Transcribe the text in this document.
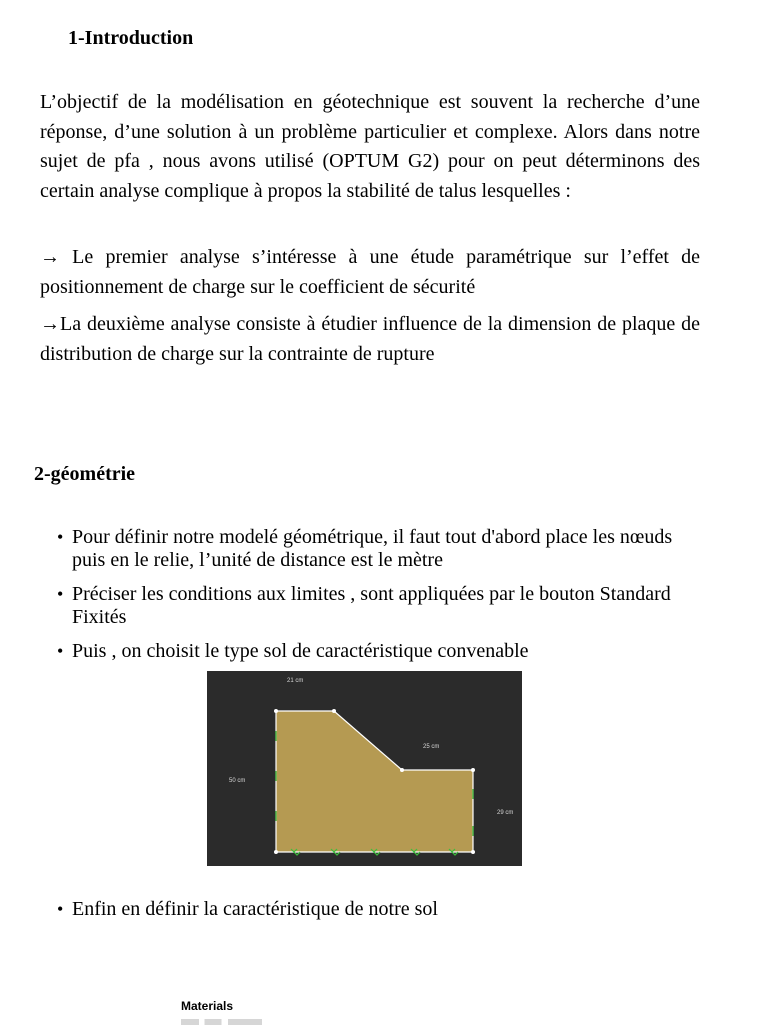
1-Introduction

L’objectif de la modélisation en géotechnique est souvent la recherche d’une réponse, d’une solution à un problème particulier et complexe. Alors dans notre sujet de pfa , nous avons utilisé (OPTUM G2) pour on peut déterminons des certain analyse complique à propos la stabilité de talus lesquelles :

→ Le premier analyse s’intéresse à une étude paramétrique sur l’effet de positionnement de charge sur le coefficient de sécurité

→La deuxième analyse consiste à étudier influence de la dimension de plaque de distribution de charge sur la contrainte de rupture

2-géométrie
• Pour définir notre modelé géométrique, il faut tout d'abord place les nœuds puis en le relie, l’unité de distance est le mètre
• Préciser les conditions aux limites , sont appliquées par le bouton Standard Fixités
• Puis , on choisit le type sol de caractéristique convenable
21 cm
25 cm
50 cm
29 cm
• Enfin en définir la caractéristique de notre sol

Materials
